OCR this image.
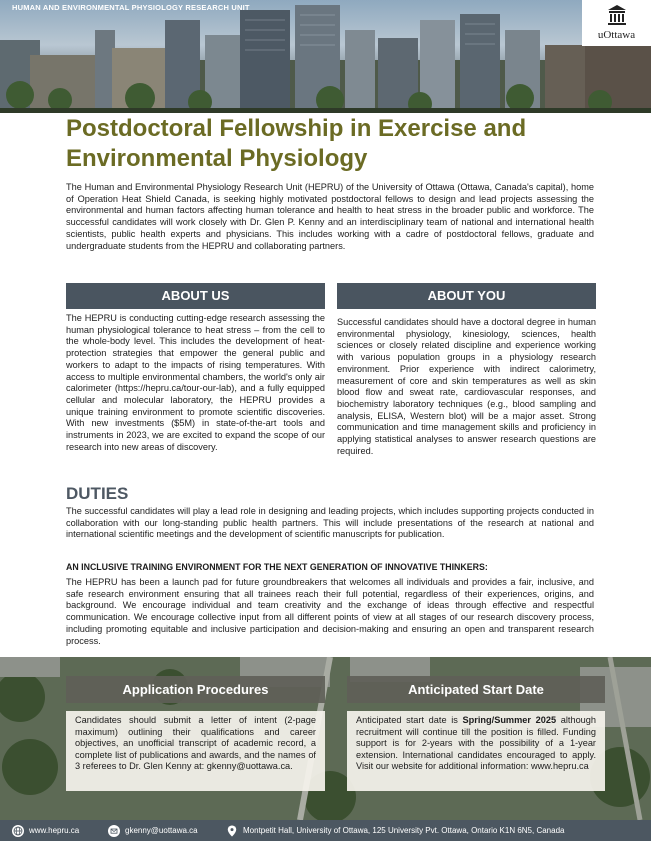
HUMAN AND ENVIRONMENTAL PHYSIOLOGY RESEARCH UNIT
uOttawa
Postdoctoral Fellowship in Exercise and
Environmental Physiology

The Human and Environmental Physiology Research Unit (HEPRU) of the University of Ottawa (Ottawa, Canada's capital), home of Operation Heat Shield Canada, is seeking highly motivated postdoctoral fellows to design and lead projects assessing the environmental and human factors affecting human tolerance and health to heat stress in the broader public and workforce. The successful candidates will work closely with Dr. Glen P. Kenny and an interdisciplinary team of national and international health scientists, public health experts and physicians. This includes working with a cadre of postdoctoral fellows, graduate and undergraduate students from the HEPRU and collaborating partners.

ABOUT US

The HEPRU is conducting cutting-edge research assessing the human physiological tolerance to heat stress – from the cell to the whole-body level. This includes the development of heat-protection strategies that empower the general public and workers to adapt to the impacts of rising temperatures. With access to multiple environmental chambers, the world's only air calorimeter (https://hepru.ca/tour-our-lab), and a fully equipped cellular and molecular laboratory, the HEPRU provides a unique training environment to promote scientific discoveries. With new investments ($5M) in state-of-the-art tools and instruments in 2023, we are excited to expand the scope of our research into new areas of discovery.

ABOUT YOU

Successful candidates should have a doctoral degree in human environmental physiology, kinesiology, sciences, health sciences or closely related discipline and experience working with various population groups in a physiology research environment. Prior experience with indirect calorimetry, measurement of core and skin temperatures as well as skin blood flow and sweat rate, cardiovascular responses, and biochemistry laboratory techniques (e.g., blood sampling and analysis, ELISA, Western blot) will be a major asset. Strong communication and time management skills and proficiency in applying statistical analyses to answer research questions are required.

DUTIES

The successful candidates will play a lead role in designing and leading projects, which includes supporting projects conducted in collaboration with our long-standing public health partners. This will include presentations of the research at national and international scientific meetings and the development of scientific manuscripts for publication.

AN INCLUSIVE TRAINING ENVIRONMENT FOR THE NEXT GENERATION OF INNOVATIVE THINKERS:

The HEPRU has been a launch pad for future groundbreakers that welcomes all individuals and provides a fair, inclusive, and safe research environment ensuring that all trainees reach their full potential, regardless of their experiences, origins, and background. We encourage individual and team creativity and the exchange of ideas through effective and respectful communication. We encourage collective input from all different points of view at all stages of our research discovery process, including promoting equitable and inclusive participation and decision-making and ensuring an open and transparent research process.

Application Procedures
Candidates should submit a letter of intent (2-page maximum) outlining their qualifications and career objectives, an unofficial transcript of academic record, a complete list of publications and awards, and the names of 3 referees to Dr. Glen Kenny at: gkenny@uottawa.ca.
Anticipated Start Date
Anticipated start date is Spring/Summer 2025 although recruitment will continue till the position is filled. Funding support is for 2-years with the possibility of a 1-year extension. International candidates encouraged to apply. Visit our website for additional information: www.hepru.ca
www.hepru.ca	gkenny@uottawa.ca	Montpetit Hall, University of Ottawa, 125 University Pvt. Ottawa, Ontario K1N 6N5, Canada
